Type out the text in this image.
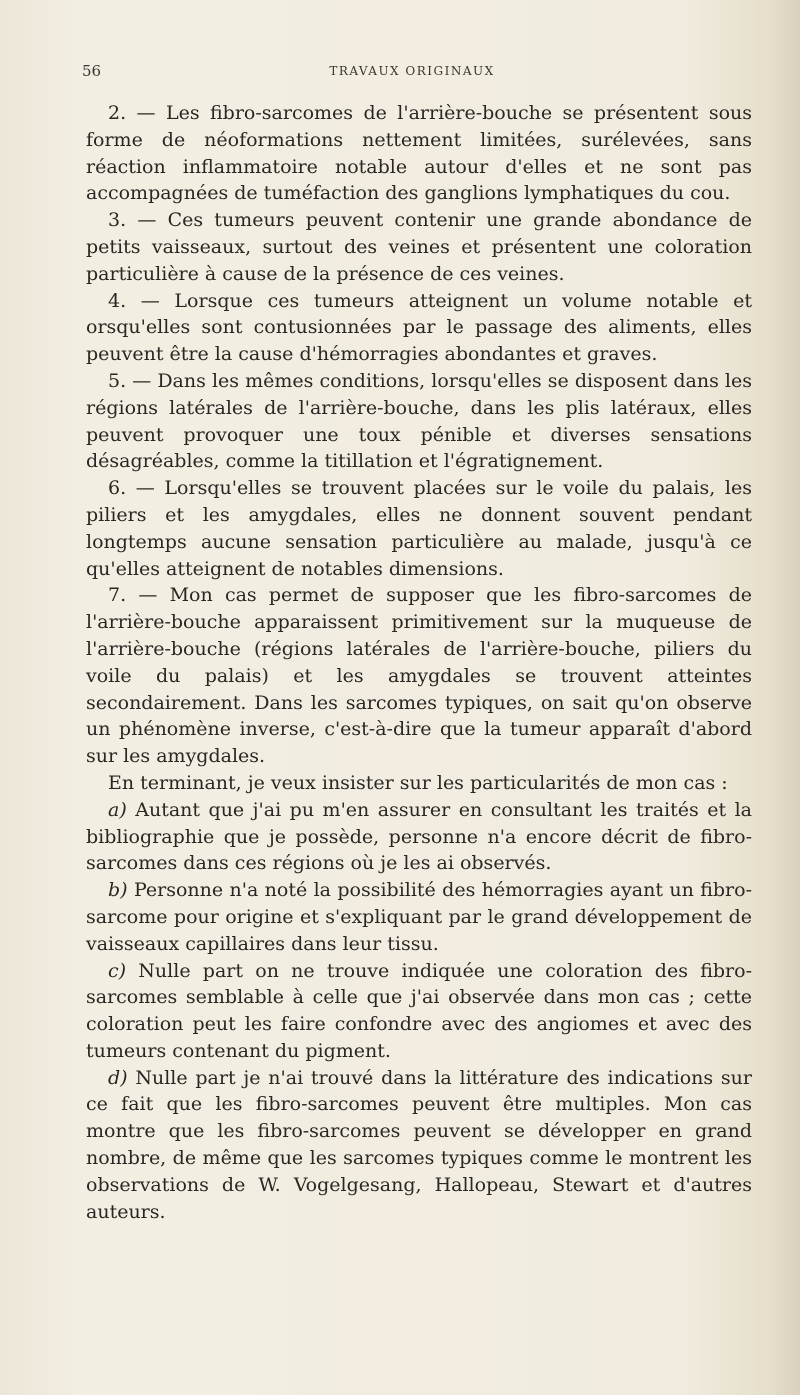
56	TRAVAUX ORIGINAUX

2. — Les fibro-sarcomes de l'arrière-bouche se présentent sous forme de néoformations nettement limitées, surélevées, sans réaction inflammatoire notable autour d'elles et ne sont pas accompagnées de tuméfaction des ganglions lymphatiques du cou.

3. — Ces tumeurs peuvent contenir une grande abondance de petits vaisseaux, surtout des veines et présentent une coloration particulière à cause de la présence de ces veines.

4. — Lorsque ces tumeurs atteignent un volume notable et orsqu'elles sont contusionnées par le passage des aliments, elles peuvent être la cause d'hémorragies abondantes et graves.

5. — Dans les mêmes conditions, lorsqu'elles se disposent dans les régions latérales de l'arrière-bouche, dans les plis latéraux, elles peuvent provoquer une toux pénible et diverses sensations désagréables, comme la titillation et l'égratignement.

6. — Lorsqu'elles se trouvent placées sur le voile du palais, les piliers et les amygdales, elles ne donnent souvent pendant longtemps aucune sensation particulière au malade, jusqu'à ce qu'elles atteignent de notables dimensions.

7. — Mon cas permet de supposer que les fibro-sarcomes de l'arrière-bouche apparaissent primitivement sur la muqueuse de l'arrière-bouche (régions latérales de l'arrière-bouche, piliers du voile du palais) et les amygdales se trouvent atteintes secondairement. Dans les sarcomes typiques, on sait qu'on observe un phénomène inverse, c'est-à-dire que la tumeur apparaît d'abord sur les amygdales.

En terminant, je veux insister sur les particularités de mon cas :

a) Autant que j'ai pu m'en assurer en consultant les traités et la bibliographie que je possède, personne n'a encore décrit de fibro-sarcomes dans ces régions où je les ai observés.

b) Personne n'a noté la possibilité des hémorragies ayant un fibro-sarcome pour origine et s'expliquant par le grand développement de vaisseaux capillaires dans leur tissu.

c) Nulle part on ne trouve indiquée une coloration des fibro-sarcomes semblable à celle que j'ai observée dans mon cas ; cette coloration peut les faire confondre avec des angiomes et avec des tumeurs contenant du pigment.

d) Nulle part je n'ai trouvé dans la littérature des indications sur ce fait que les fibro-sarcomes peuvent être multiples. Mon cas montre que les fibro-sarcomes peuvent se développer en grand nombre, de même que les sarcomes typiques comme le montrent les observations de W. Vogelgesang, Hallopeau, Stewart et d'autres auteurs.
